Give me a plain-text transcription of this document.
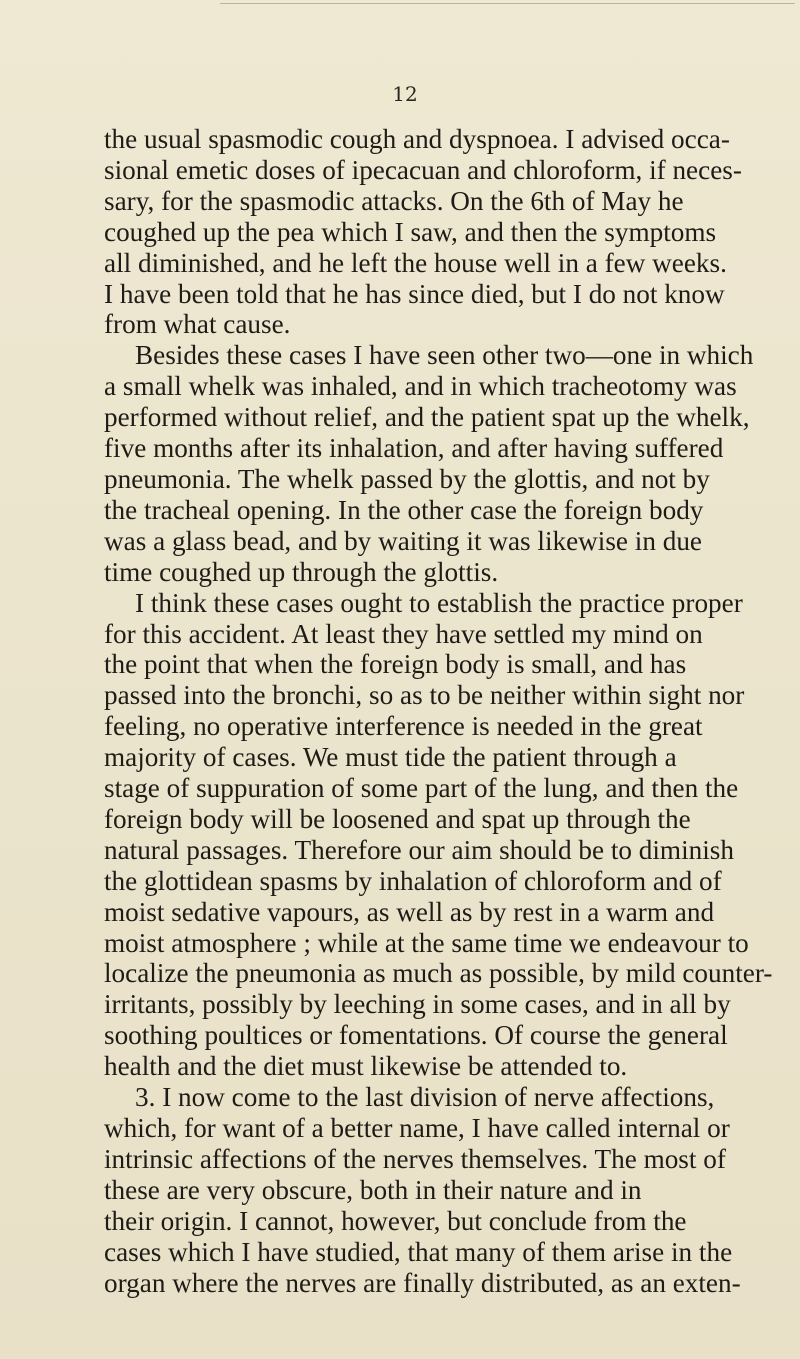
12

the usual spasmodic cough and dyspnoea. I advised occa-
sional emetic doses of ipecacuan and chloroform, if neces-
sary, for the spasmodic attacks. On the 6th of May he
coughed up the pea which I saw, and then the symptoms
all diminished, and he left the house well in a few weeks.
I have been told that he has since died, but I do not know
from what cause.
Besides these cases I have seen other two—one in which
a small whelk was inhaled, and in which tracheotomy was
performed without relief, and the patient spat up the whelk,
five months after its inhalation, and after having suffered
pneumonia. The whelk passed by the glottis, and not by
the tracheal opening. In the other case the foreign body
was a glass bead, and by waiting it was likewise in due
time coughed up through the glottis.
I think these cases ought to establish the practice proper
for this accident. At least they have settled my mind on
the point that when the foreign body is small, and has
passed into the bronchi, so as to be neither within sight nor
feeling, no operative interference is needed in the great
majority of cases. We must tide the patient through a
stage of suppuration of some part of the lung, and then the
foreign body will be loosened and spat up through the
natural passages. Therefore our aim should be to diminish
the glottidean spasms by inhalation of chloroform and of
moist sedative vapours, as well as by rest in a warm and
moist atmosphere ; while at the same time we endeavour to
localize the pneumonia as much as possible, by mild counter-
irritants, possibly by leeching in some cases, and in all by
soothing poultices or fomentations. Of course the general
health and the diet must likewise be attended to.
3. I now come to the last division of nerve affections,
which, for want of a better name, I have called internal or
intrinsic affections of the nerves themselves. The most of
these are very obscure, both in their nature and in
their origin. I cannot, however, but conclude from the
cases which I have studied, that many of them arise in the
organ where the nerves are finally distributed, as an exten-
